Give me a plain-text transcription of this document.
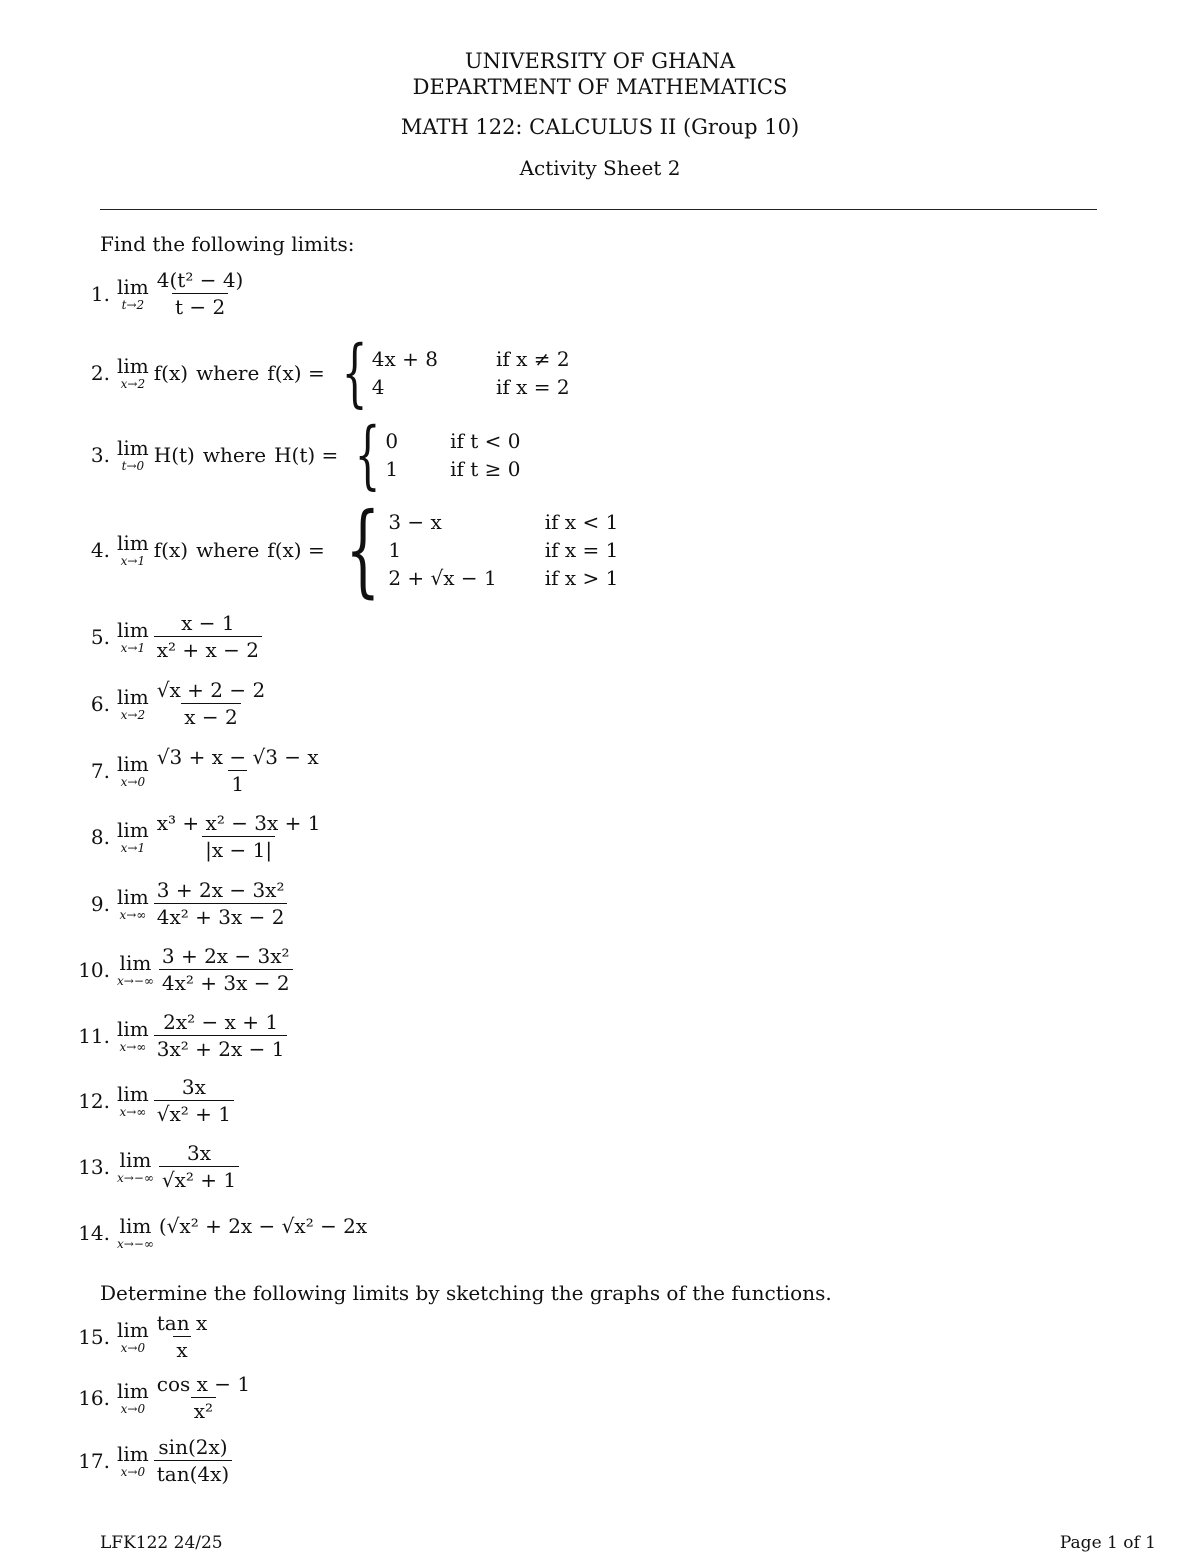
UNIVERSITY OF GHANA
DEPARTMENT OF MATHEMATICS
MATH 122: CALCULUS II (Group 10)
Activity Sheet 2
Find the following limits:
1. lim
$t\to 2 \frac{\text{4(t² − 4)}}{t - 2}$
2. lim
x→2 f(x) where f(x) = { 4x + 8	if x ≠ 2
4	if x = 2
3. lim
t→0 H(t) where H(t) = { 0	if t < 0
1	if t ≥ 0
4. lim
x→1 f(x) where f(x) = { 3 − x	if x < 1
1	if x = 1
2 + √x − 1 if x > 1
5. lim
$x\to 1 \frac{x - 1}{\text{x² + x − 2}}$
6. lim
$x\to 2 \frac{√x + 2 - 2}{x - 2}$
7. lim
$x\to 0 \frac{√3 + x - √3 - x}{1}$
8. lim
$x\to 1 \frac{\text{x³ + x² − 3x + 1}}{|x - 1|}$
9. lim
$x\to\infty \frac{\text{3 + 2x − 3x²}}{\text{4x² + 3x − 2}}$
10. lim
$x\to-\infty \frac{\text{3 + 2x − 3x²}}{\text{4x² + 3x − 2}}$
11. lim
$x\to\infty \frac{\text{2x² − x + 1}}{\text{3x² + 2x − 1}}$
12. lim
$x\to\infty \frac{3x}{\text{√x² + 1}}$
13. lim
$x\to-\infty \frac{3x}{\text{√x² + 1}}$
14. lim
x→−∞
(√x² + 2x − √x² − 2x
Determine the following limits by sketching the graphs of the functions.
15. lim
$x\to 0 \frac{\text{tan x}}{x}$
16. lim
$x\to 0 \frac{\text{cos x − 1}}{\text{x²}}$
17. lim
$x\to 0 \frac{\sin(2x)}{\tan(4x)}$
LFK122 24/25	Page 1 of 1
